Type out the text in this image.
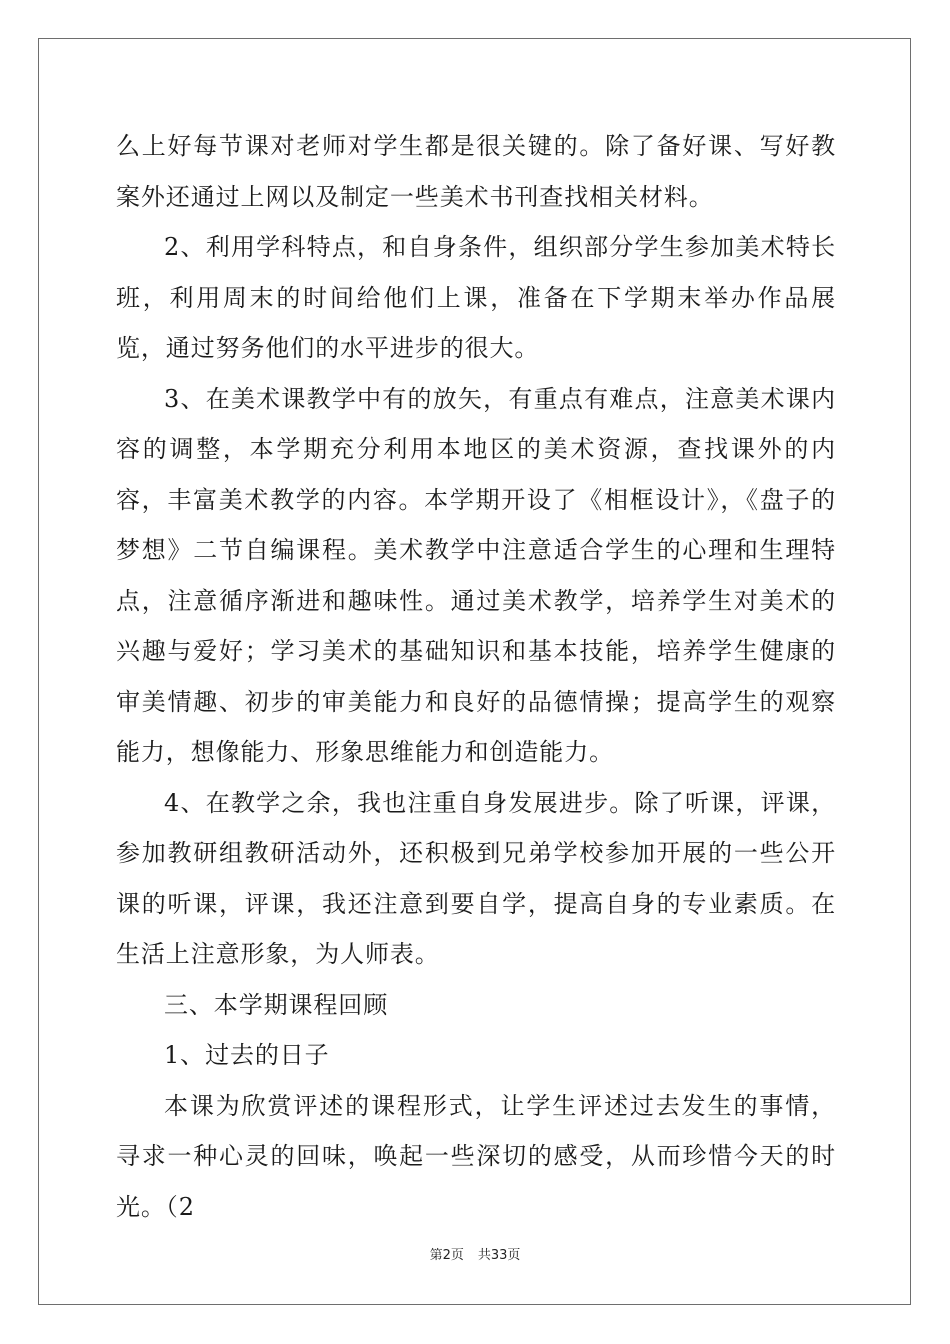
么上好每节课对老师对学生都是很关键的。除了备好课、写好教案外还通过上网以及制定一些美术书刊查找相关材料。

2、利用学科特点，和自身条件，组织部分学生参加美术特长班，利用周末的时间给他们上课，准备在下学期末举办作品展览，通过努务他们的水平进步的很大。

3、在美术课教学中有的放矢，有重点有难点，注意美术课内容的调整，本学期充分利用本地区的美术资源，查找课外的内容，丰富美术教学的内容。本学期开设了《相框设计》，《盘子的梦想》二节自编课程。美术教学中注意适合学生的心理和生理特点，注意循序渐进和趣味性。通过美术教学，培养学生对美术的兴趣与爱好；学习美术的基础知识和基本技能，培养学生健康的审美情趣、初步的审美能力和良好的品德情操；提高学生的观察能力，想像能力、形象思维能力和创造能力。

4、在教学之余，我也注重自身发展进步。除了听课，评课，参加教研组教研活动外，还积极到兄弟学校参加开展的一些公开课的听课，评课，我还注意到要自学，提高自身的专业素质。在生活上注意形象，为人师表。

三、本学期课程回顾

1、过去的日子

本课为欣赏评述的课程形式，让学生评述过去发生的事情，寻求一种心灵的回味，唤起一些深切的感受，从而珍惜今天的时光。（2

第2页 共33页
